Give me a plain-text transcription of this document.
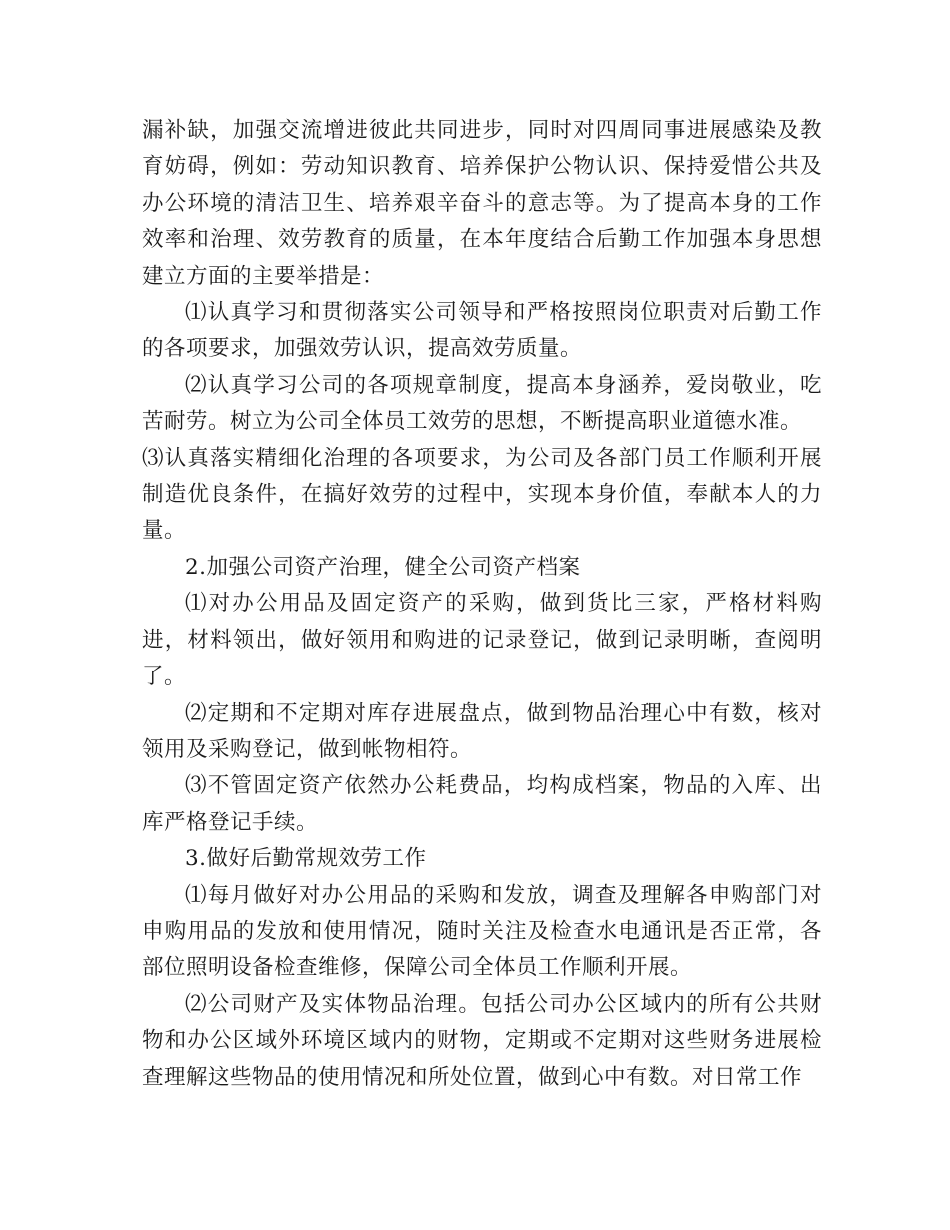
漏补缺，加强交流增进彼此共同进步，同时对四周同事进展感染及教育妨碍，例如：劳动知识教育、培养保护公物认识、保持爱惜公共及办公环境的清洁卫生、培养艰辛奋斗的意志等。为了提高本身的工作效率和治理、效劳教育的质量，在本年度结合后勤工作加强本身思想建立方面的主要举措是：

⑴认真学习和贯彻落实公司领导和严格按照岗位职责对后勤工作的各项要求，加强效劳认识，提高效劳质量。

⑵认真学习公司的各项规章制度，提高本身涵养，爱岗敬业，吃苦耐劳。树立为公司全体员工效劳的思想，不断提高职业道德水准。

⑶认真落实精细化治理的各项要求，为公司及各部门员工作顺利开展制造优良条件，在搞好效劳的过程中，实现本身价值，奉献本人的力量。

2.加强公司资产治理，健全公司资产档案

⑴对办公用品及固定资产的采购，做到货比三家，严格材料购进，材料领出，做好领用和购进的记录登记，做到记录明晰，查阅明了。

⑵定期和不定期对库存进展盘点，做到物品治理心中有数，核对领用及采购登记，做到帐物相符。

⑶不管固定资产依然办公耗费品，均构成档案，物品的入库、出库严格登记手续。

3.做好后勤常规效劳工作

⑴每月做好对办公用品的采购和发放，调查及理解各申购部门对申购用品的发放和使用情况，随时关注及检查水电通讯是否正常，各部位照明设备检查维修，保障公司全体员工作顺利开展。

⑵公司财产及实体物品治理。包括公司办公区域内的所有公共财物和办公区域外环境区域内的财物，定期或不定期对这些财务进展检查理解这些物品的使用情况和所处位置，做到心中有数。对日常工作
